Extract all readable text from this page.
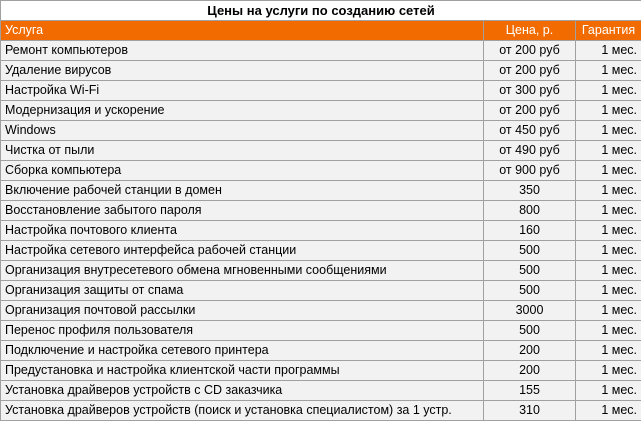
Цены на услуги по созданию сетей		
Услуга	Цена, р.	Гарантия
Ремонт компьютеров	от 200 руб	1 мес.
Удаление вирусов	от 200 руб	1 мес.
Настройка Wi-Fi	от 300 руб	1 мес.
Модернизация и ускорение	от 200 руб	1 мес.
Windows	от 450 руб	1 мес.
Чистка от пыли	от 490 руб	1 мес.
Сборка компьютера	от 900 руб	1 мес.
Включение рабочей станции в домен	350	1 мес.
Восстановление забытого пароля	800	1 мес.
Настройка почтового клиента	160	1 мес.
Настройка сетевого интерфейса рабочей станции	500	1 мес.
Организация внутресетевого обмена мгновенными сообщениями	500	1 мес.
Организация защиты от спама	500	1 мес.
Организация почтовой рассылки	3000	1 мес.
Перенос профиля пользователя	500	1 мес.
Подключение и настройка сетевого принтера	200	1 мес.
Предустановка и настройка клиентской части программы	200	1 мес.
Установка драйверов устройств с CD заказчика	155	1 мес.
Установка драйверов устройств (поиск и установка специалистом) за 1 устр.	310	1 мес.
